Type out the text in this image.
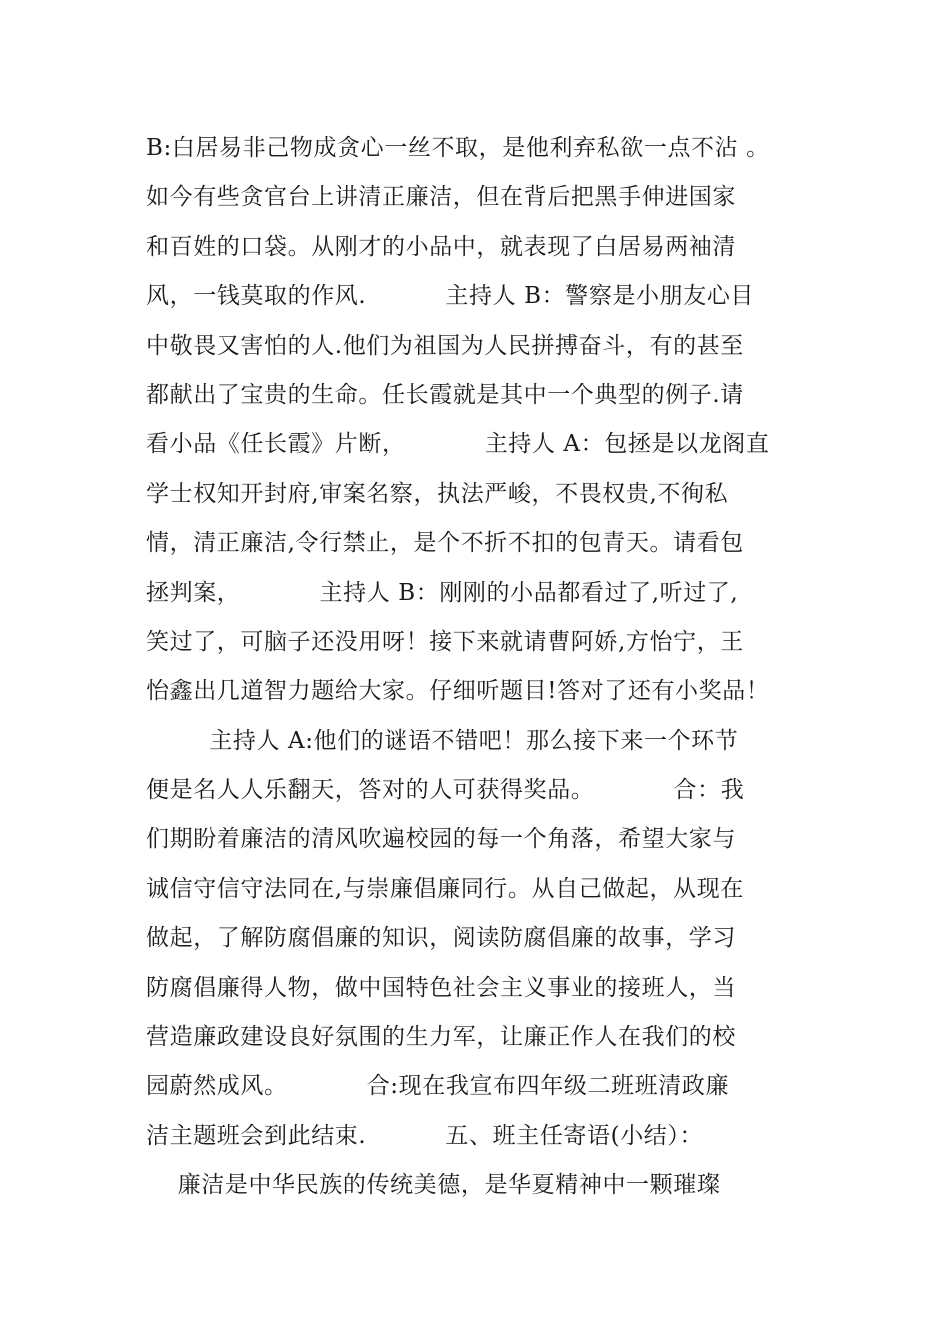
B:白居易非己物成贪心一丝不取，是他利弃私欲一点不沾 。
如今有些贪官台上讲清正廉洁，但在背后把黑手伸进国家
和百姓的口袋。从刚才的小品中，就表现了白居易两袖清
风，一钱莫取的作风.          主持人 B：警察是小朋友心目
中敬畏又害怕的人.他们为祖国为人民拼搏奋斗，有的甚至
都献出了宝贵的生命。任长霞就是其中一个典型的例子.请
看小品《任长霞》片断，          主持人 A：包拯是以龙阁直
学士权知开封府,审案名察，执法严峻，不畏权贵,不徇私
情，清正廉洁,令行禁止，是个不折不扣的包青天。请看包
拯判案，          主持人 B：刚刚的小品都看过了,听过了,
笑过了，可脑子还没用呀！接下来就请曹阿娇,方怡宁，王
怡鑫出几道智力题给大家。仔细听题目!答对了还有小奖品！
主持人 A:他们的谜语不错吧！那么接下来一个环节
便是名人人乐翻天，答对的人可获得奖品。          合：我
们期盼着廉洁的清风吹遍校园的每一个角落，希望大家与
诚信守信守法同在,与崇廉倡廉同行。从自己做起，从现在
做起，了解防腐倡廉的知识，阅读防腐倡廉的故事，学习
防腐倡廉得人物，做中国特色社会主义事业的接班人，当
营造廉政建设良好氛围的生力军，让廉正作人在我们的校
园蔚然成风。          合:现在我宣布四年级二班班清政廉
洁主题班会到此结束.          五、班主任寄语(小结）：
廉洁是中华民族的传统美德，是华夏精神中一颗璀璨
